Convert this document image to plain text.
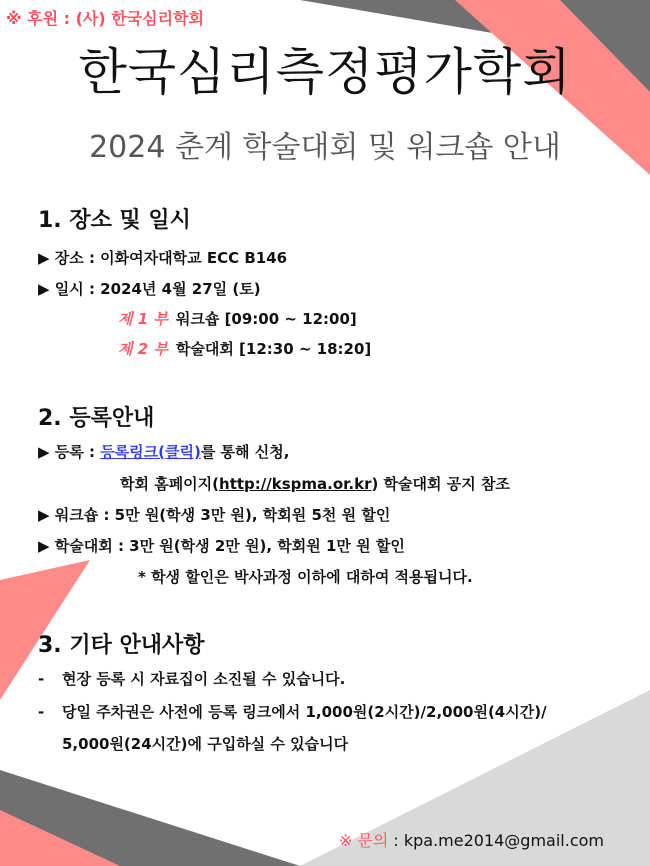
※ 후원 : (사) 한국심리학회
한국심리측정평가학회
2024 춘계 학술대회 및 워크숍 안내
1. 장소 및 일시
▶ 장소 : 이화여자대학교 ECC B146
▶ 일시 : 2024년 4월 27일 (토)
제 1 부 워크숍 [09:00 ~ 12:00]
제 2 부 학술대회 [12:30 ~ 18:20]
2. 등록안내
▶ 등록 : 등록링크(클릭)를 통해 신청,
학회 홈페이지(http://kspma.or.kr) 학술대회 공지 참조
▶ 워크숍 : 5만 원(학생 3만 원), 학회원 5천 원 할인
▶ 학술대회 : 3만 원(학생 2만 원), 학회원 1만 원 할인
* 학생 할인은 박사과정 이하에 대하여 적용됩니다.
3. 기타 안내사항
- 현장 등록 시 자료집이 소진될 수 있습니다.
- 당일 주차권은 사전에 등록 링크에서 1,000원(2시간)/2,000원(4시간)/
5,000원(24시간)에 구입하실 수 있습니다
※ 문의 : kpa.me2014@gmail.com
